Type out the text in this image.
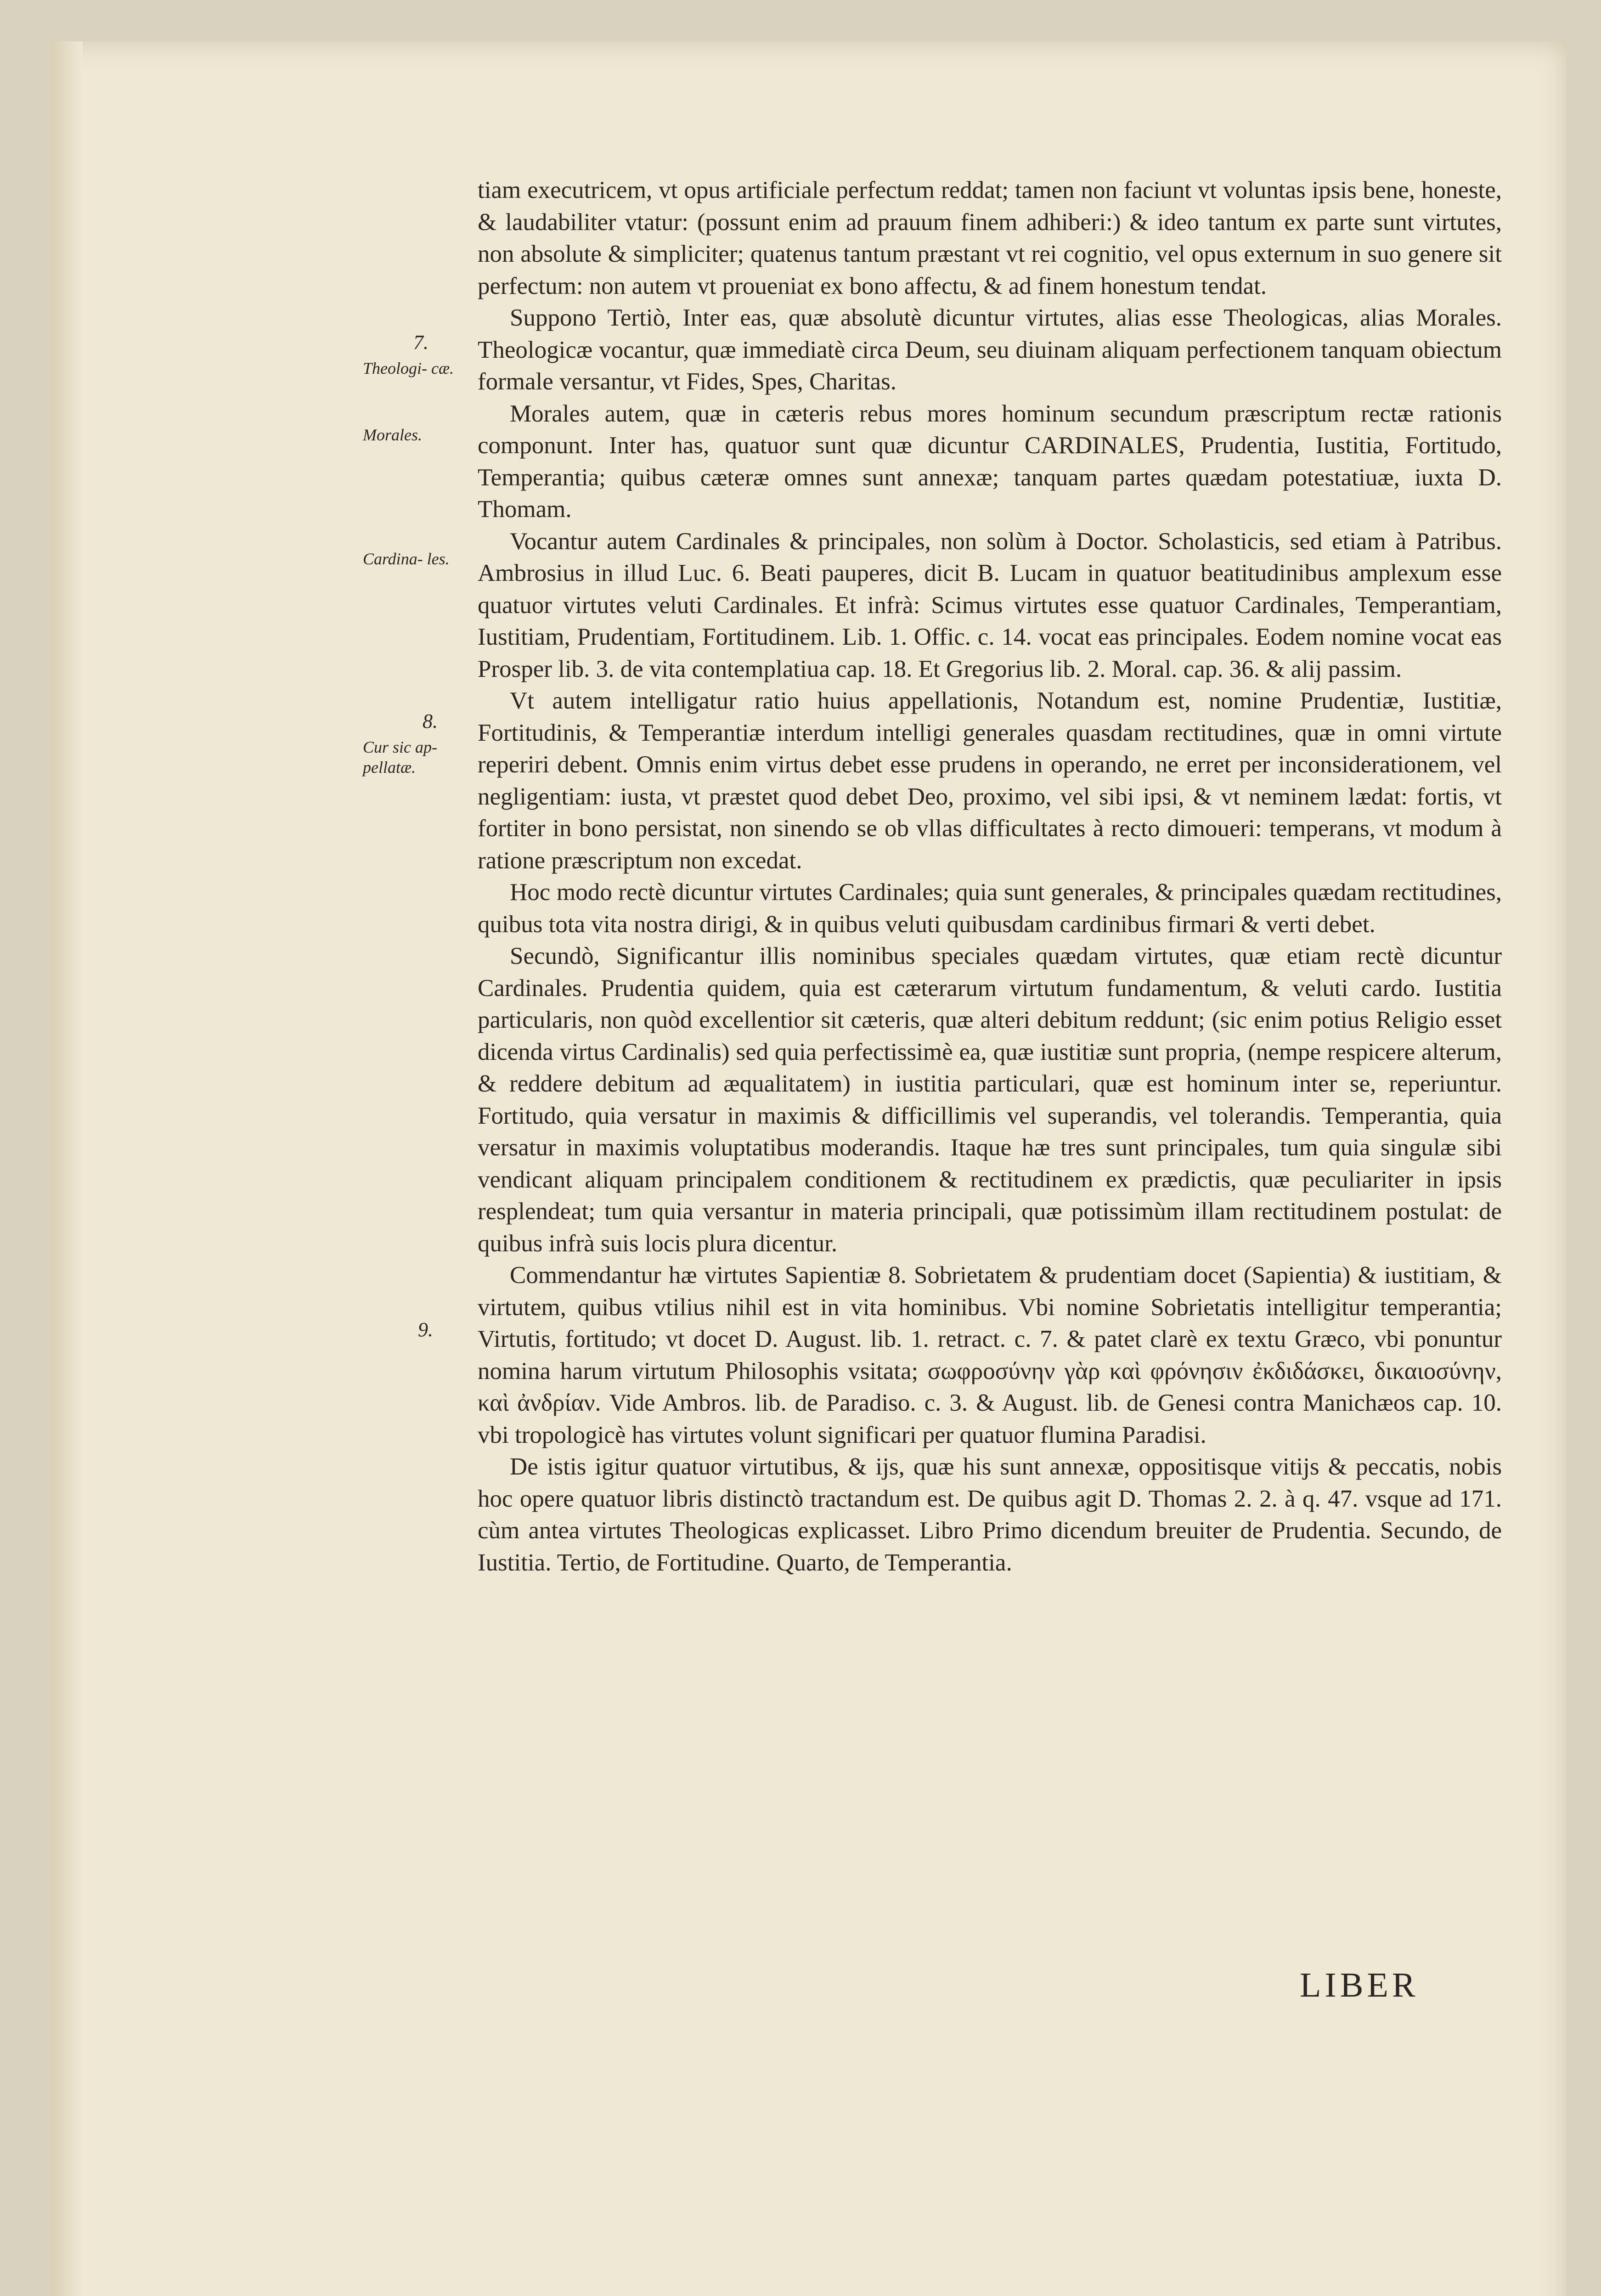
7.
Theologi- cæ.
Morales.
Cardina- les.
8.
Cur sic ap- pellatæ.
9.

tiam executricem, vt opus artificiale perfectum reddat; tamen non faciunt vt voluntas ipsis bene, honeste, & laudabiliter vtatur: (possunt enim ad prauum finem adhiberi:) & ideo tantum ex parte sunt virtutes, non absolute & simpliciter; quatenus tantum præstant vt rei cognitio, vel opus externum in suo genere sit perfectum: non autem vt proueniat ex bono affectu, & ad finem honestum tendat.

Suppono Tertiò, Inter eas, quæ absolutè dicuntur virtutes, alias esse Theologicas, alias Morales. Theologicæ vocantur, quæ immediatè circa Deum, seu diuinam aliquam perfectionem tanquam obiectum formale versantur, vt Fides, Spes, Charitas.

Morales autem, quæ in cæteris rebus mores hominum secundum præscriptum rectæ rationis componunt. Inter has, quatuor sunt quæ dicuntur CARDINALES, Prudentia, Iustitia, Fortitudo, Temperantia; quibus cæteræ omnes sunt annexæ; tanquam partes quædam potestatiuæ, iuxta D. Thomam.

Vocantur autem Cardinales & principales, non solùm à Doctor. Scholasticis, sed etiam à Patribus. Ambrosius in illud Luc. 6. Beati pauperes, dicit B. Lucam in quatuor beatitudinibus amplexum esse quatuor virtutes veluti Cardinales. Et infrà: Scimus virtutes esse quatuor Cardinales, Temperantiam, Iustitiam, Prudentiam, Fortitudinem. Lib. 1. Offic. c. 14. vocat eas principales. Eodem nomine vocat eas Prosper lib. 3. de vita contemplatiua cap. 18. Et Gregorius lib. 2. Moral. cap. 36. & alij passim.

Vt autem intelligatur ratio huius appellationis, Notandum est, nomine Prudentiæ, Iustitiæ, Fortitudinis, & Temperantiæ interdum intelligi generales quasdam rectitudines, quæ in omni virtute reperiri debent. Omnis enim virtus debet esse prudens in operando, ne erret per inconsiderationem, vel negligentiam: iusta, vt præstet quod debet Deo, proximo, vel sibi ipsi, & vt neminem lædat: fortis, vt fortiter in bono persistat, non sinendo se ob vllas difficultates à recto dimoueri: temperans, vt modum à ratione præscriptum non excedat.

Hoc modo rectè dicuntur virtutes Cardinales; quia sunt generales, & principales quædam rectitudines, quibus tota vita nostra dirigi, & in quibus veluti quibusdam cardinibus firmari & verti debet.

Secundò, Significantur illis nominibus speciales quædam virtutes, quæ etiam rectè dicuntur Cardinales. Prudentia quidem, quia est cæterarum virtutum fundamentum, & veluti cardo. Iustitia particularis, non quòd excellentior sit cæteris, quæ alteri debitum reddunt; (sic enim potius Religio esset dicenda virtus Cardinalis) sed quia perfectissimè ea, quæ iustitiæ sunt propria, (nempe respicere alterum, & reddere debitum ad æqualitatem) in iustitia particulari, quæ est hominum inter se, reperiuntur. Fortitudo, quia versatur in maximis & difficillimis vel superandis, vel tolerandis. Temperantia, quia versatur in maximis voluptatibus moderandis. Itaque hæ tres sunt principales, tum quia singulæ sibi vendicant aliquam principalem conditionem & rectitudinem ex prædictis, quæ peculiariter in ipsis resplendeat; tum quia versantur in materia principali, quæ potissimùm illam rectitudinem postulat: de quibus infrà suis locis plura dicentur.

Commendantur hæ virtutes Sapientiæ 8. Sobrietatem & prudentiam docet (Sapientia) & iustitiam, & virtutem, quibus vtilius nihil est in vita hominibus. Vbi nomine Sobrietatis intelligitur temperantia; Virtutis, fortitudo; vt docet D. August. lib. 1. retract. c. 7. & patet clarè ex textu Græco, vbi ponuntur nomina harum virtutum Philosophis vsitata; σωφροσύνην γὰρ καὶ φρόνησιν ἐκδιδάσκει, δικαιοσύνην, καὶ ἀνδρίαν. Vide Ambros. lib. de Paradiso. c. 3. & August. lib. de Genesi contra Manichæos cap. 10. vbi tropologicè has virtutes volunt significari per quatuor flumina Paradisi.

De istis igitur quatuor virtutibus, & ijs, quæ his sunt annexæ, oppositisque vitijs & peccatis, nobis hoc opere quatuor libris distinctò tractandum est. De quibus agit D. Thomas 2. 2. à q. 47. vsque ad 171. cùm antea virtutes Theologicas explicasset. Libro Primo dicendum breuiter de Prudentia. Secundo, de Iustitia. Tertio, de Fortitudine. Quarto, de Temperantia.

LIBER
